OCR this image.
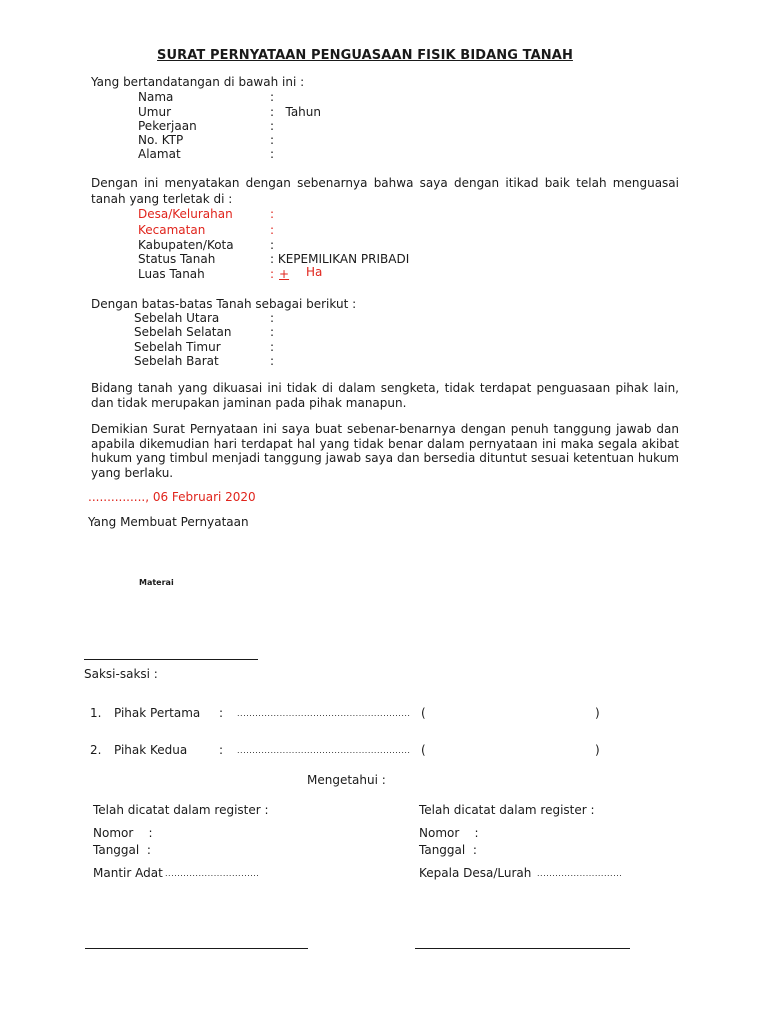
SURAT PERNYATAAN PENGUASAAN FISIK BIDANG TANAH
Yang bertandatangan di bawah ini :
Nama	:
Umur	:   Tahun
Pekerjaan	:
No. KTP	:
Alamat	:
Dengan ini menyatakan dengan sebenarnya bahwa saya dengan itikad baik telah menguasai tanah yang terletak di :
Desa/Kelurahan	:
Kecamatan	:
Kabupaten/Kota	:
Status Tanah	: KEPEMILIKAN PRIBADI
Luas Tanah	: + Ha
Dengan batas-batas Tanah sebagai berikut :
Sebelah Utara	:
Sebelah Selatan	:
Sebelah Timur	:
Sebelah Barat	:
Bidang tanah yang dikuasai ini tidak di dalam sengketa, tidak terdapat penguasaan pihak lain, dan tidak merupakan jaminan pada pihak manapun.
Demikian Surat Pernyataan ini saya buat sebenar-benarnya dengan penuh tanggung jawab dan apabila dikemudian hari terdapat hal yang tidak benar dalam pernyataan ini maka segala akibat hukum yang timbul menjadi tanggung jawab saya dan bersedia dituntut sesuai ketentuan hukum yang berlaku.
..............., 06 Februari 2020
Yang Membuat Pernyataan
Materai
Saksi-saksi :
1. Pihak Pertama : ......................................................... (	)
2. Pihak Kedua	: ......................................................... (	)
Mengetahui :
Telah dicatat dalam register :
Nomor    :
Tanggal  :
Mantir Adat ...............................
Telah dicatat dalam register :
Nomor    :
Tanggal  :
Kepala Desa/Lurah ............................
